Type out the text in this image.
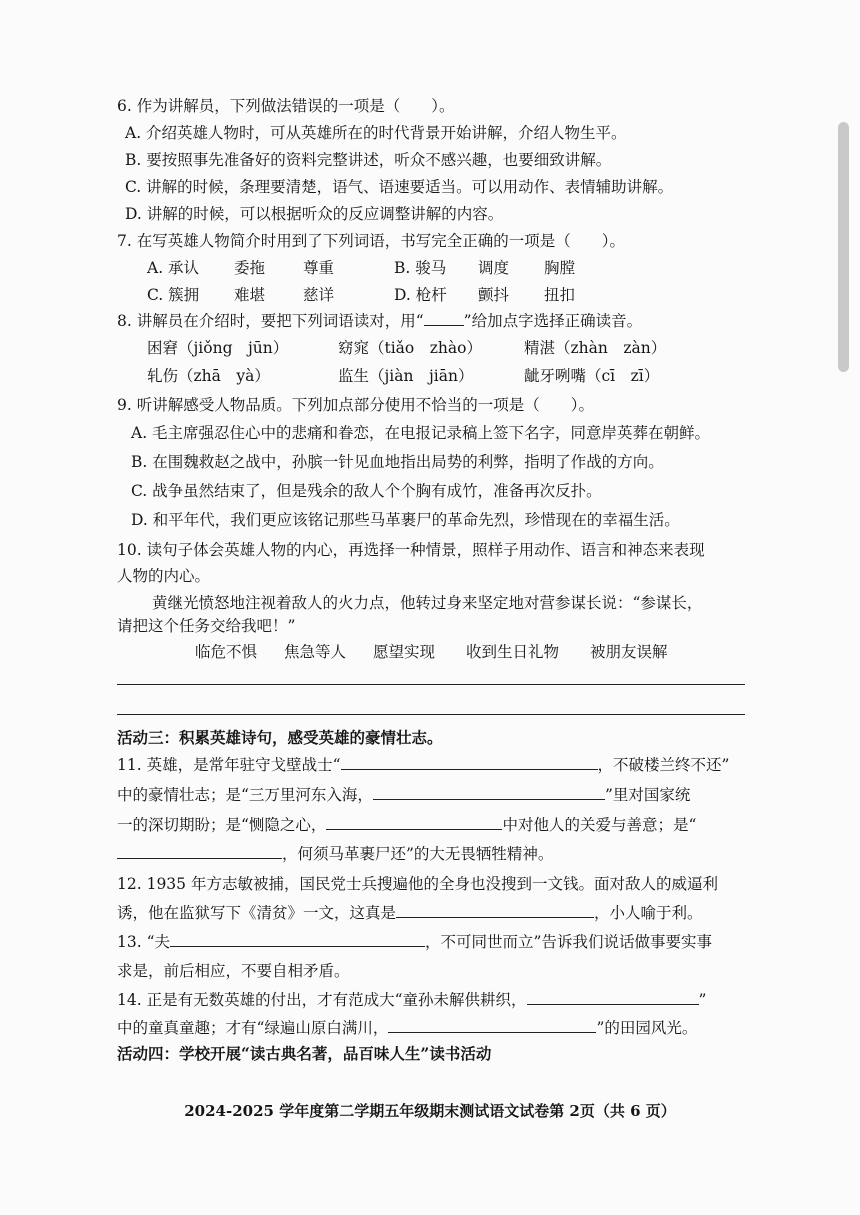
6. 作为讲解员，下列做法错误的一项是（　　）。
A. 介绍英雄人物时，可从英雄所在的时代背景开始讲解，介绍人物生平。
B. 要按照事先准备好的资料完整讲述，听众不感兴趣，也要细致讲解。
C. 讲解的时候，条理要清楚，语气、语速要适当。可以用动作、表情辅助讲解。
D. 讲解的时候，可以根据听众的反应调整讲解的内容。
7. 在写英雄人物简介时用到了下列词语，书写完全正确的一项是（　　）。
A. 承认 委拖 尊重	B. 骏马 调度 胸膛
C. 簇拥 难堪 慈详	D. 枪杆 颤抖 扭扣
8. 讲解员在介绍时，要把下列词语读对，用“	”给加点字选择正确读音。
困窘（jiǒng　jūn）	窈窕（tiǎo　zhào）	精湛（zhàn　zàn）
轧伤（zhā　yà）	监生（jiàn　jiān）	龇牙咧嘴（cī　zī）
9. 听讲解感受人物品质。下列加点部分使用不恰当的一项是（　　）。
A. 毛主席强忍住心中的悲痛和眷恋，在电报记录稿上签下名字，同意岸英葬在朝鲜。
B. 在围魏救赵之战中，孙膑一针见血地指出局势的利弊，指明了作战的方向。
C. 战争虽然结束了，但是残余的敌人个个胸有成竹，准备再次反扑。
D. 和平年代，我们更应该铭记那些马革裹尸的革命先烈，珍惜现在的幸福生活。
10. 读句子体会英雄人物的内心，再选择一种情景，照样子用动作、语言和神态来表现
人物的内心。
黄继光愤怒地注视着敌人的火力点，他转过身来坚定地对营参谋长说：“参谋长，
请把这个任务交给我吧！”
临危不惧 焦急等人 愿望实现 收到生日礼物 被朋友误解
活动三：积累英雄诗句，感受英雄的豪情壮志。
11. 英雄，是常年驻守戈壁战士“	，不破楼兰终不还”
中的豪情壮志；是“三万里河东入海，	”里对国家统
一的深切期盼；是“恻隐之心，	中对他人的关爱与善意；是“
，何须马革裹尸还”的大无畏牺牲精神。
12. 1935 年方志敏被捕，国民党士兵搜遍他的全身也没搜到一文钱。面对敌人的威逼利
诱，他在监狱写下《清贫》一文，这真是	，小人喻于利。
13. “夫	，不可同世而立”告诉我们说话做事要实事
求是，前后相应，不要自相矛盾。
14. 正是有无数英雄的付出，才有范成大“童孙未解供耕织，	”
中的童真童趣；才有“绿遍山原白满川，	”的田园风光。
活动四：学校开展“读古典名著，品百味人生”读书活动
2024-2025 学年度第二学期五年级期末测试语文试卷第 2页（共 6 页）
